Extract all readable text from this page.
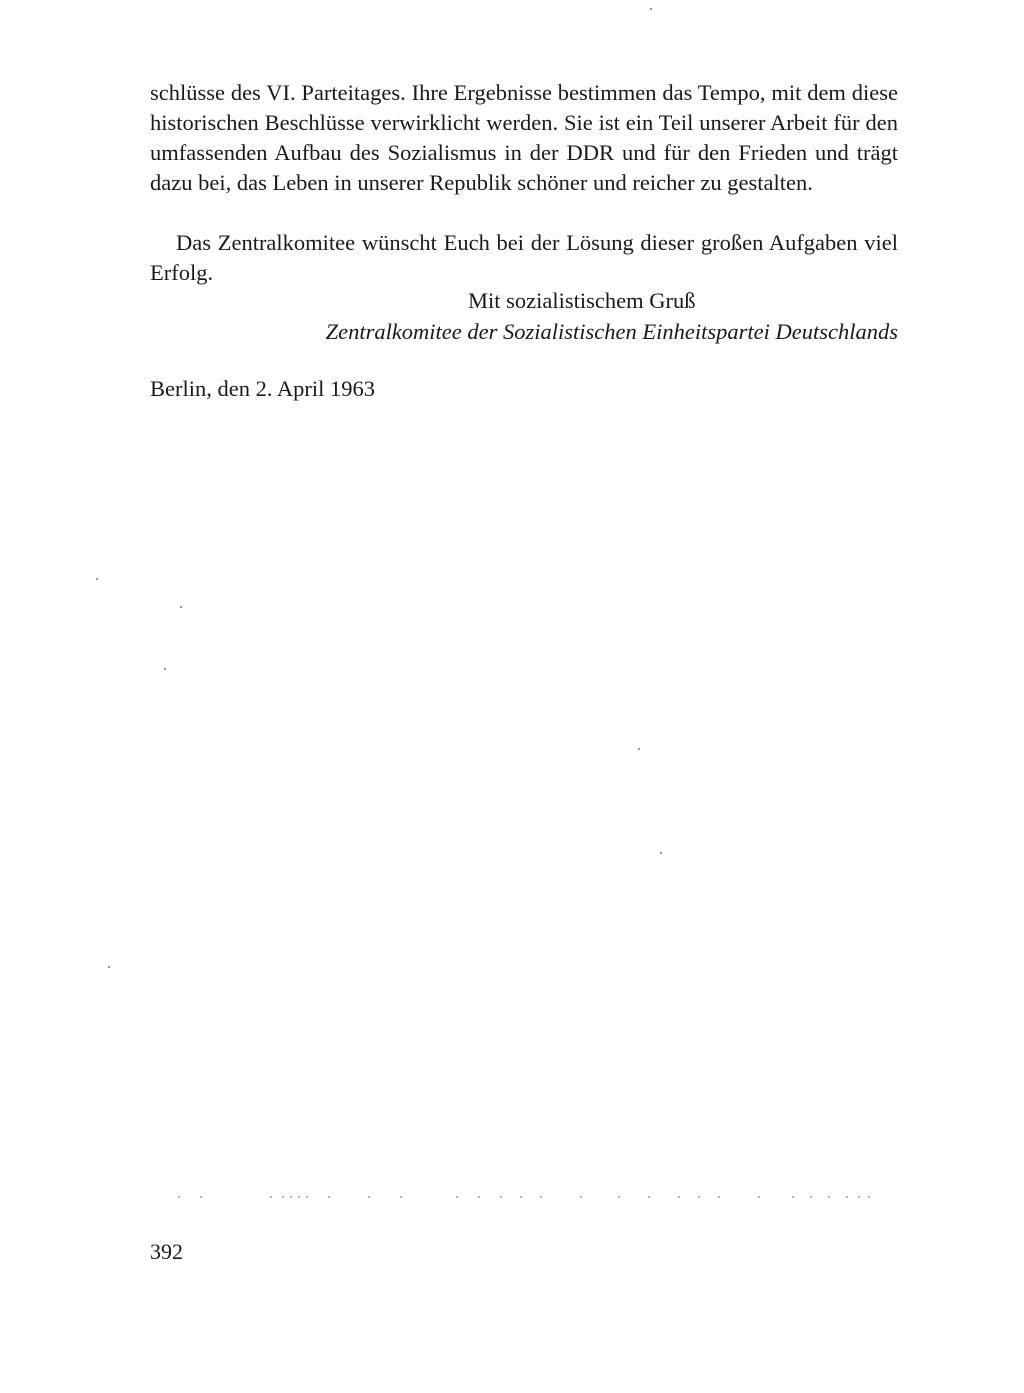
schlüsse des VI. Parteitages. Ihre Ergebnisse bestimmen das Tempo, mit dem diese historischen Beschlüsse verwirklicht werden. Sie ist ein Teil unserer Arbeit für den umfassenden Aufbau des Sozialismus in der DDR und für den Frieden und trägt dazu bei, das Leben in unserer Republik schöner und reicher zu gestalten.

Das Zentralkomitee wünscht Euch bei der Lösung dieser großen Aufgaben viel Erfolg.

Mit sozialistischem Gruß
Zentralkomitee der Sozialistischen Einheitspartei Deutschlands
Berlin, den 2. April 1963
392
